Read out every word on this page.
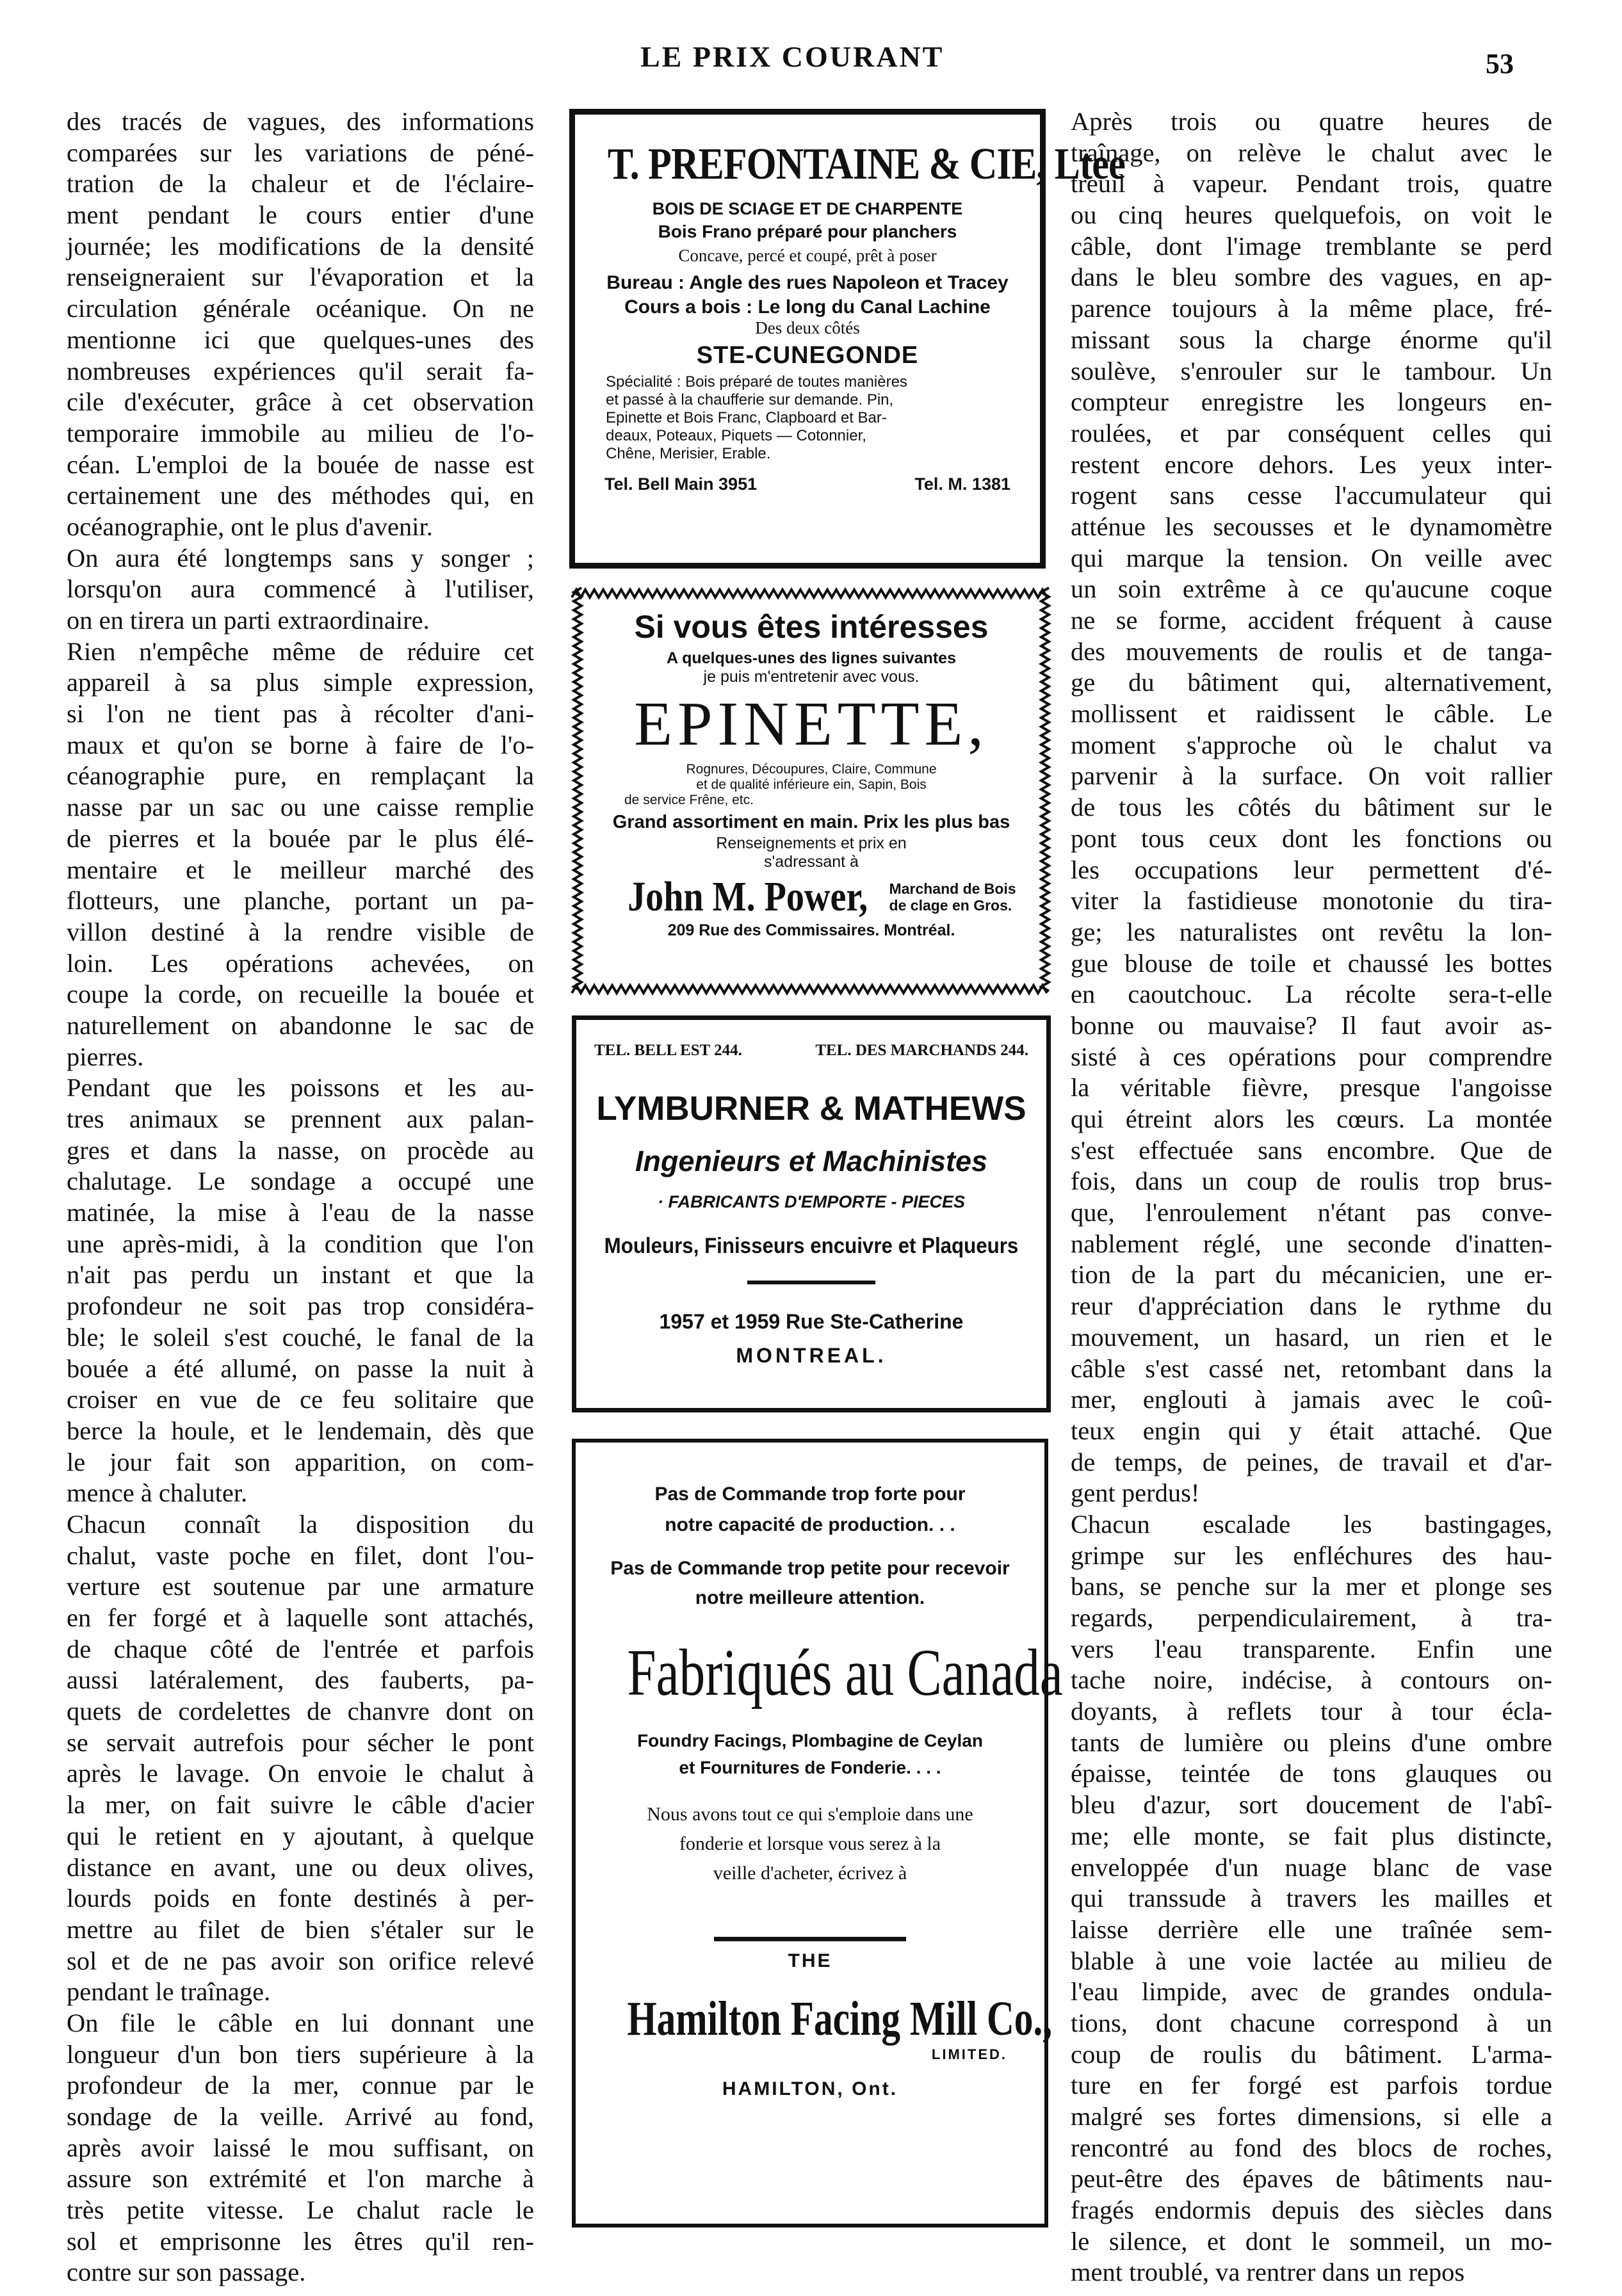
LE PRIX COURANT	53
des tracés de vagues, des informations
comparées sur les variations de péné-
tration de la chaleur et de l'éclaire-
ment pendant le cours entier d'une
journée; les modifications de la densité
renseigneraient sur l'évaporation et la
circulation générale océanique. On ne
mentionne ici que quelques-unes des
nombreuses expériences qu'il serait fa-
cile d'exécuter, grâce à cet observation
temporaire immobile au milieu de l'o-
céan. L'emploi de la bouée de nasse est
certainement une des méthodes qui, en
océanographie, ont le plus d'avenir.
On aura été longtemps sans y songer ;
lorsqu'on aura commencé à l'utiliser,
on en tirera un parti extraordinaire.
Rien n'empêche même de réduire cet
appareil à sa plus simple expression,
si l'on ne tient pas à récolter d'ani-
maux et qu'on se borne à faire de l'o-
céanographie pure, en remplaçant la
nasse par un sac ou une caisse remplie
de pierres et la bouée par le plus élé-
mentaire et le meilleur marché des
flotteurs, une planche, portant un pa-
villon destiné à la rendre visible de
loin. Les opérations achevées, on
coupe la corde, on recueille la bouée et
naturellement on abandonne le sac de
pierres.
Pendant que les poissons et les au-
tres animaux se prennent aux palan-
gres et dans la nasse, on procède au
chalutage. Le sondage a occupé une
matinée, la mise à l'eau de la nasse
une après-midi, à la condition que l'on
n'ait pas perdu un instant et que la
profondeur ne soit pas trop considéra-
ble; le soleil s'est couché, le fanal de la
bouée a été allumé, on passe la nuit à
croiser en vue de ce feu solitaire que
berce la houle, et le lendemain, dès que
le jour fait son apparition, on com-
mence à chaluter.
Chacun connaît la disposition du
chalut, vaste poche en filet, dont l'ou-
verture est soutenue par une armature
en fer forgé et à laquelle sont attachés,
de chaque côté de l'entrée et parfois
aussi latéralement, des fauberts, pa-
quets de cordelettes de chanvre dont on
se servait autrefois pour sécher le pont
après le lavage. On envoie le chalut à
la mer, on fait suivre le câble d'acier
qui le retient en y ajoutant, à quelque
distance en avant, une ou deux olives,
lourds poids en fonte destinés à per-
mettre au filet de bien s'étaler sur le
sol et de ne pas avoir son orifice relevé
pendant le traînage.
On file le câble en lui donnant une
longueur d'un bon tiers supérieure à la
profondeur de la mer, connue par le
sondage de la veille. Arrivé au fond,
après avoir laissé le mou suffisant, on
assure son extrémité et l'on marche à
très petite vitesse. Le chalut racle le
sol et emprisonne les êtres qu'il ren-
contre sur son passage.
Après trois ou quatre heures de
traînage, on relève le chalut avec le
treuil à vapeur. Pendant trois, quatre
ou cinq heures quelquefois, on voit le
câble, dont l'image tremblante se perd
dans le bleu sombre des vagues, en ap-
parence toujours à la même place, fré-
missant sous la charge énorme qu'il
soulève, s'enrouler sur le tambour. Un
compteur enregistre les longeurs en-
roulées, et par conséquent celles qui
restent encore dehors. Les yeux inter-
rogent sans cesse l'accumulateur qui
atténue les secousses et le dynamomètre
qui marque la tension. On veille avec
un soin extrême à ce qu'aucune coque
ne se forme, accident fréquent à cause
des mouvements de roulis et de tanga-
ge du bâtiment qui, alternativement,
mollissent et raidissent le câble. Le
moment s'approche où le chalut va
parvenir à la surface. On voit rallier
de tous les côtés du bâtiment sur le
pont tous ceux dont les fonctions ou
les occupations leur permettent d'é-
viter la fastidieuse monotonie du tira-
ge; les naturalistes ont revêtu la lon-
gue blouse de toile et chaussé les bottes
en caoutchouc. La récolte sera-t-elle
bonne ou mauvaise? Il faut avoir as-
sisté à ces opérations pour comprendre
la véritable fièvre, presque l'angoisse
qui étreint alors les cœurs. La montée
s'est effectuée sans encombre. Que de
fois, dans un coup de roulis trop brus-
que, l'enroulement n'étant pas conve-
nablement réglé, une seconde d'inatten-
tion de la part du mécanicien, une er-
reur d'appréciation dans le rythme du
mouvement, un hasard, un rien et le
câble s'est cassé net, retombant dans la
mer, englouti à jamais avec le coû-
teux engin qui y était attaché. Que
de temps, de peines, de travail et d'ar-
gent perdus!
Chacun escalade les bastingages,
grimpe sur les enfléchures des hau-
bans, se penche sur la mer et plonge ses
regards, perpendiculairement, à tra-
vers l'eau transparente. Enfin une
tache noire, indécise, à contours on-
doyants, à reflets tour à tour écla-
tants de lumière ou pleins d'une ombre
épaisse, teintée de tons glauques ou
bleu d'azur, sort doucement de l'abî-
me; elle monte, se fait plus distincte,
enveloppée d'un nuage blanc de vase
qui transsude à travers les mailles et
laisse derrière elle une traînée sem-
blable à une voie lactée au milieu de
l'eau limpide, avec de grandes ondula-
tions, dont chacune correspond à un
coup de roulis du bâtiment. L'arma-
ture en fer forgé est parfois tordue
malgré ses fortes dimensions, si elle a
rencontré au fond des blocs de roches,
peut-être des épaves de bâtiments nau-
fragés endormis depuis des siècles dans
le silence, et dont le sommeil, un mo-
ment troublé, va rentrer dans un repos
T. PREFONTAINE & CIE, Ltee
BOIS DE SCIAGE ET DE CHARPENTE
Bois Frano préparé pour planchers
Concave, percé et coupé, prêt à poser
Bureau : Angle des rues Napoleon et Tracey
Cours a bois : Le long du Canal Lachine
Des deux côtés
STE-CUNEGONDE
Spécialité : Bois préparé de toutes manières
et passé à la chaufferie sur demande. Pin,
Epinette et Bois Franc, Clapboard et Bar-
deaux, Poteaux, Piquets — Cotonnier,
Chêne, Merisier, Erable.
Tel. Bell Main 3951	Tel. M. 1381
Si vous êtes intéresses
A quelques-unes des lignes suivantes
je puis m'entretenir avec vous.
EPINETTE,
Rognures, Découpures, Claire, Commune
et de qualité inférieure ein, Sapin, Bois
de service Frêne, etc.
Grand assortiment en main. Prix les plus bas
Renseignements et prix en
s'adressant à
John M. Power, Marchand de Bois
de clage en Gros.
209 Rue des Commissaires. Montréal.
TEL. BELL EST 244.	TEL. DES MARCHANDS 244.
LYMBURNER & MATHEWS
Ingenieurs et Machinistes
· FABRICANTS D'EMPORTE - PIECES
Mouleurs, Finisseurs encuivre et Plaqueurs
1957 et 1959 Rue Ste-Catherine
MONTREAL.
Pas de Commande trop forte pour
notre capacité de production. . .
Pas de Commande trop petite pour recevoir
notre meilleure attention.
Fabriqués au Canada
Foundry Facings, Plombagine de Ceylan
et Fournitures de Fonderie. . . .
Nous avons tout ce qui s'emploie dans une
fonderie et lorsque vous serez à la
veille d'acheter, écrivez à
THE
Hamilton Facing Mill Co.,
LIMITED.
HAMILTON, Ont.
